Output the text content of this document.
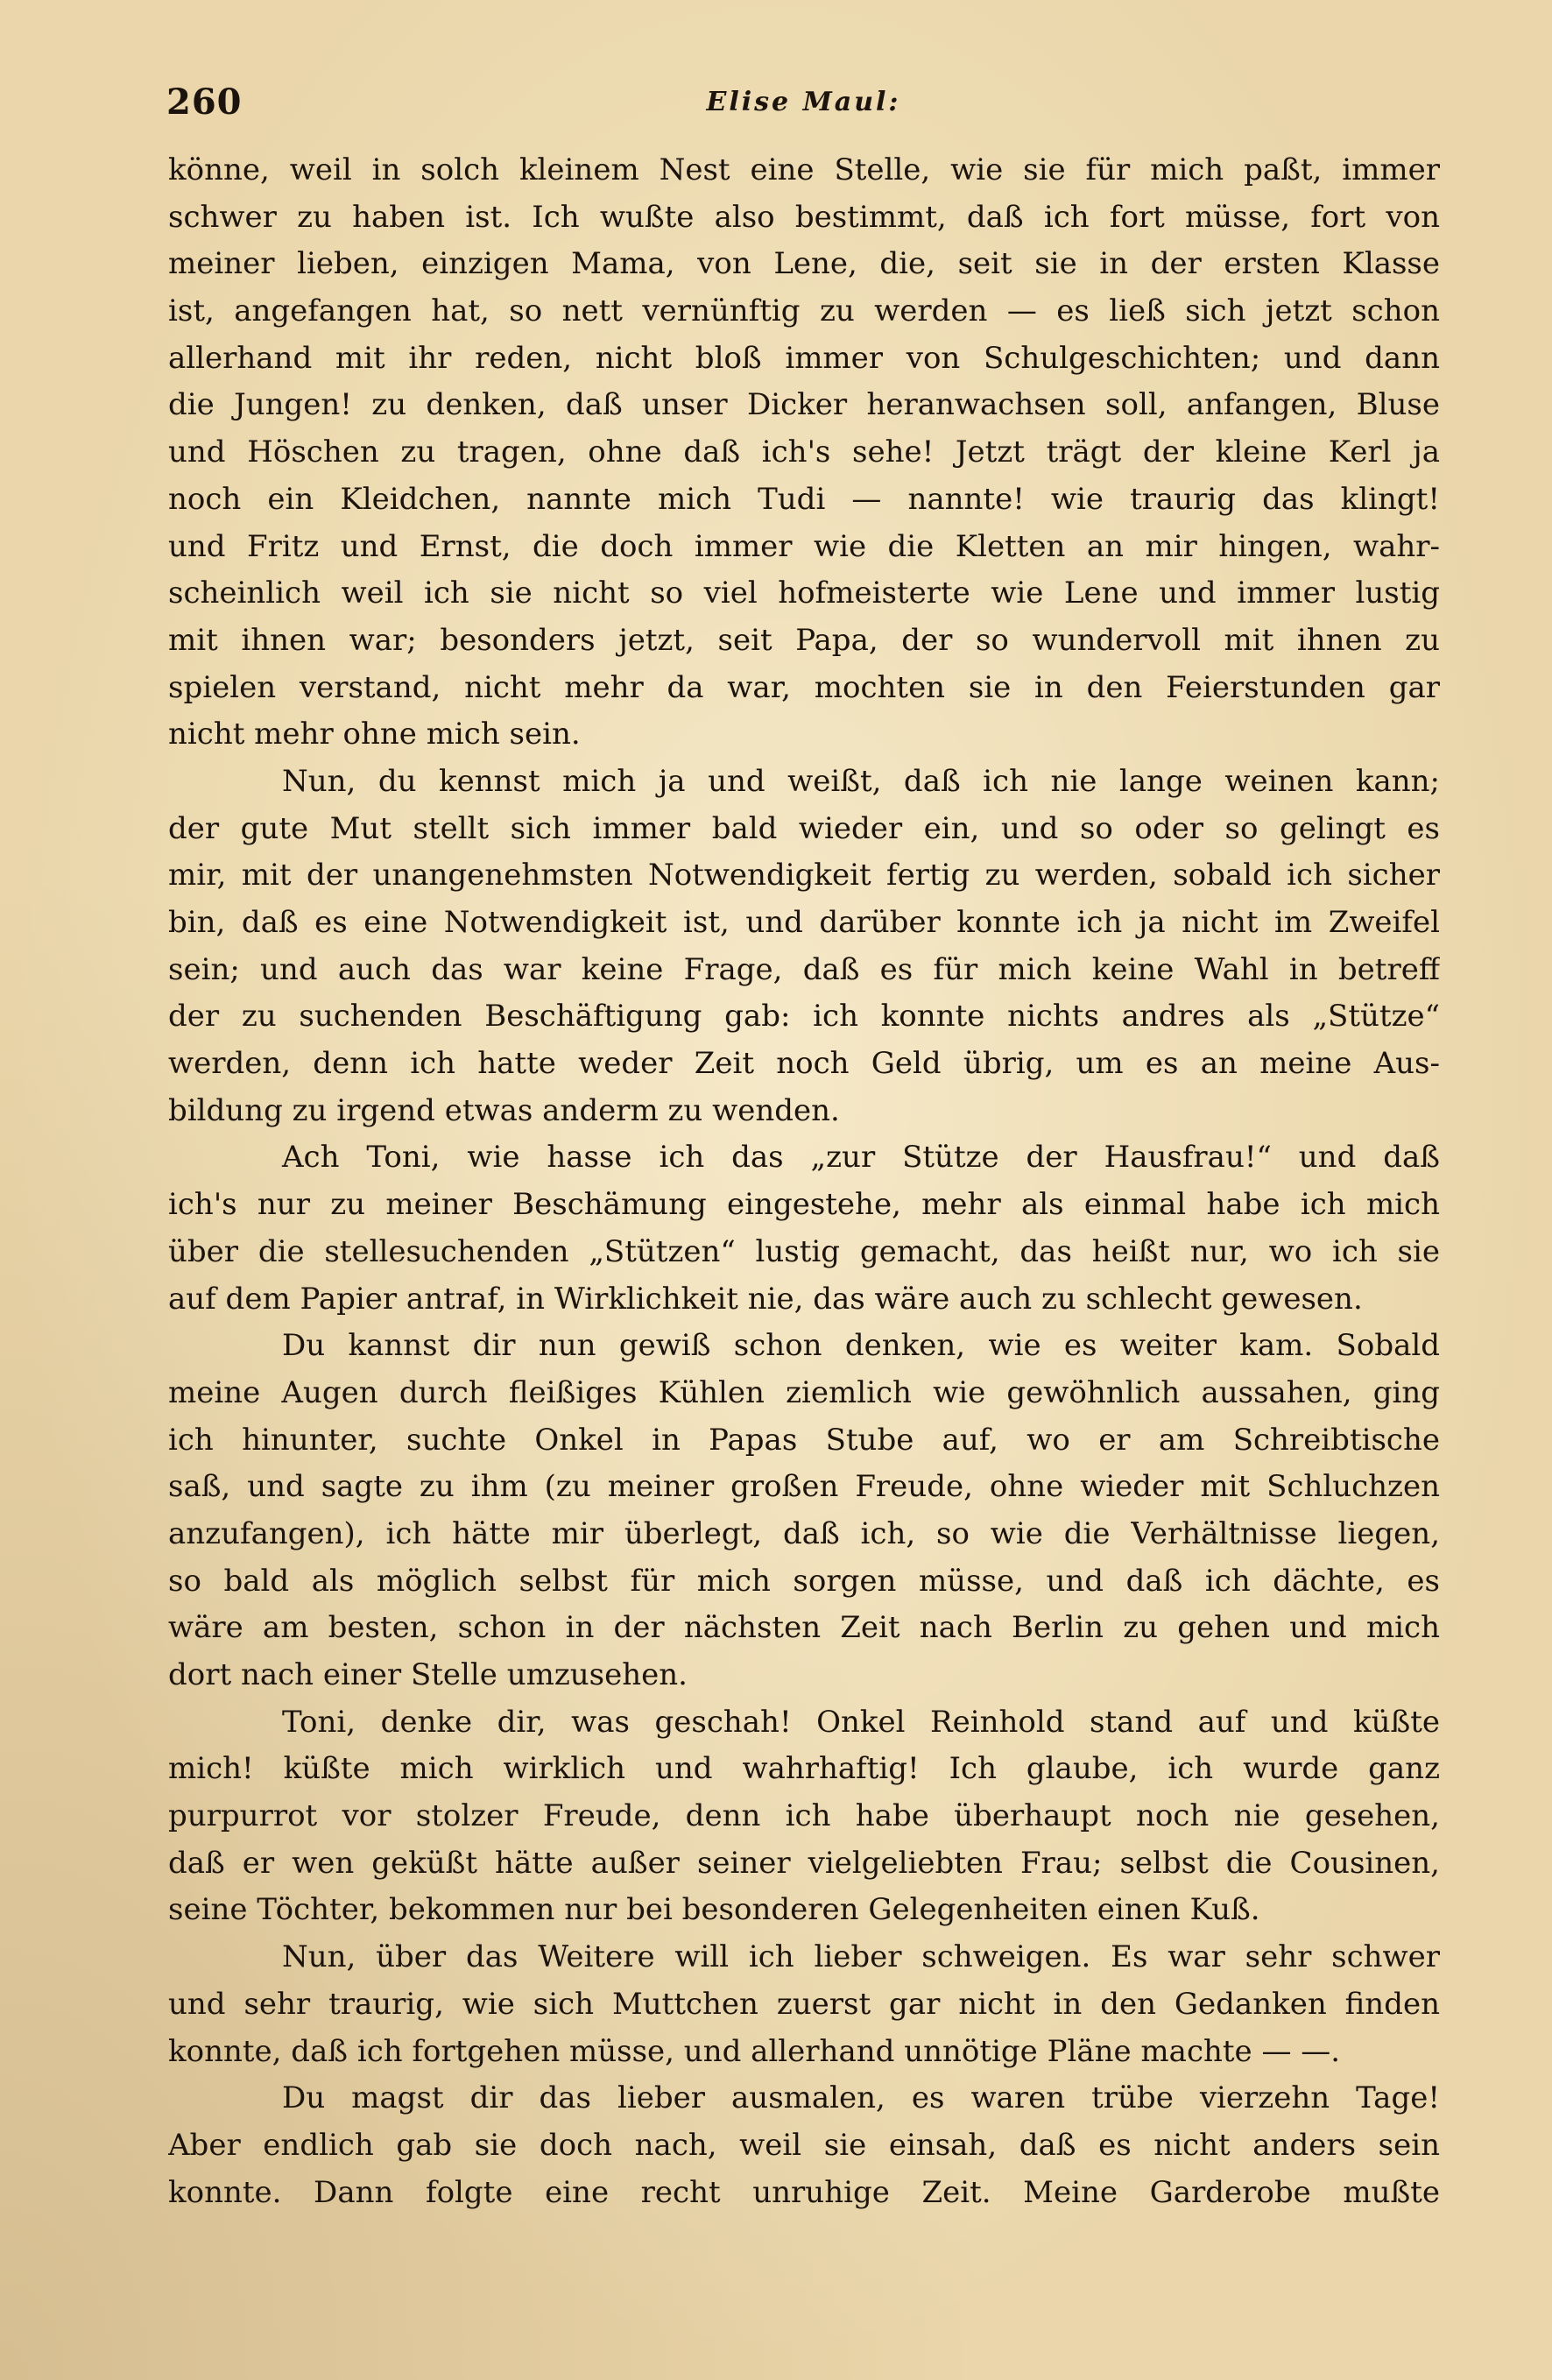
260	Elise Maul:
könne, weil in solch kleinem Nest eine Stelle, wie sie für mich paßt, immer
schwer zu haben ist. Ich wußte also bestimmt, daß ich fort müsse, fort von
meiner lieben, einzigen Mama, von Lene, die, seit sie in der ersten Klasse
ist, angefangen hat, so nett vernünftig zu werden — es ließ sich jetzt schon
allerhand mit ihr reden, nicht bloß immer von Schulgeschichten; und dann
die Jungen! zu denken, daß unser Dicker heranwachsen soll, anfangen, Bluse
und Höschen zu tragen, ohne daß ich's sehe! Jetzt trägt der kleine Kerl ja
noch ein Kleidchen, nannte mich Tudi — nannte! wie traurig das klingt!
und Fritz und Ernst, die doch immer wie die Kletten an mir hingen, wahr-
scheinlich weil ich sie nicht so viel hofmeisterte wie Lene und immer lustig
mit ihnen war; besonders jetzt, seit Papa, der so wundervoll mit ihnen zu
spielen verstand, nicht mehr da war, mochten sie in den Feierstunden gar
nicht mehr ohne mich sein.
Nun, du kennst mich ja und weißt, daß ich nie lange weinen kann;
der gute Mut stellt sich immer bald wieder ein, und so oder so gelingt es
mir, mit der unangenehmsten Notwendigkeit fertig zu werden, sobald ich sicher
bin, daß es eine Notwendigkeit ist, und darüber konnte ich ja nicht im Zweifel
sein; und auch das war keine Frage, daß es für mich keine Wahl in betreff
der zu suchenden Beschäftigung gab: ich konnte nichts andres als „Stütze“
werden, denn ich hatte weder Zeit noch Geld übrig, um es an meine Aus-
bildung zu irgend etwas anderm zu wenden.
Ach Toni, wie hasse ich das „zur Stütze der Hausfrau!“ und daß
ich's nur zu meiner Beschämung eingestehe, mehr als einmal habe ich mich
über die stellesuchenden „Stützen“ lustig gemacht, das heißt nur, wo ich sie
auf dem Papier antraf, in Wirklichkeit nie, das wäre auch zu schlecht gewesen.
Du kannst dir nun gewiß schon denken, wie es weiter kam. Sobald
meine Augen durch fleißiges Kühlen ziemlich wie gewöhnlich aussahen, ging
ich hinunter, suchte Onkel in Papas Stube auf, wo er am Schreibtische
saß, und sagte zu ihm (zu meiner großen Freude, ohne wieder mit Schluchzen
anzufangen), ich hätte mir überlegt, daß ich, so wie die Verhältnisse liegen,
so bald als möglich selbst für mich sorgen müsse, und daß ich dächte, es
wäre am besten, schon in der nächsten Zeit nach Berlin zu gehen und mich
dort nach einer Stelle umzusehen.
Toni, denke dir, was geschah! Onkel Reinhold stand auf und küßte
mich! küßte mich wirklich und wahrhaftig! Ich glaube, ich wurde ganz
purpurrot vor stolzer Freude, denn ich habe überhaupt noch nie gesehen,
daß er wen geküßt hätte außer seiner vielgeliebten Frau; selbst die Cousinen,
seine Töchter, bekommen nur bei besonderen Gelegenheiten einen Kuß.
Nun, über das Weitere will ich lieber schweigen. Es war sehr schwer
und sehr traurig, wie sich Muttchen zuerst gar nicht in den Gedanken finden
konnte, daß ich fortgehen müsse, und allerhand unnötige Pläne machte — —.
Du magst dir das lieber ausmalen, es waren trübe vierzehn Tage!
Aber endlich gab sie doch nach, weil sie einsah, daß es nicht anders sein
konnte. Dann folgte eine recht unruhige Zeit. Meine Garderobe mußte
